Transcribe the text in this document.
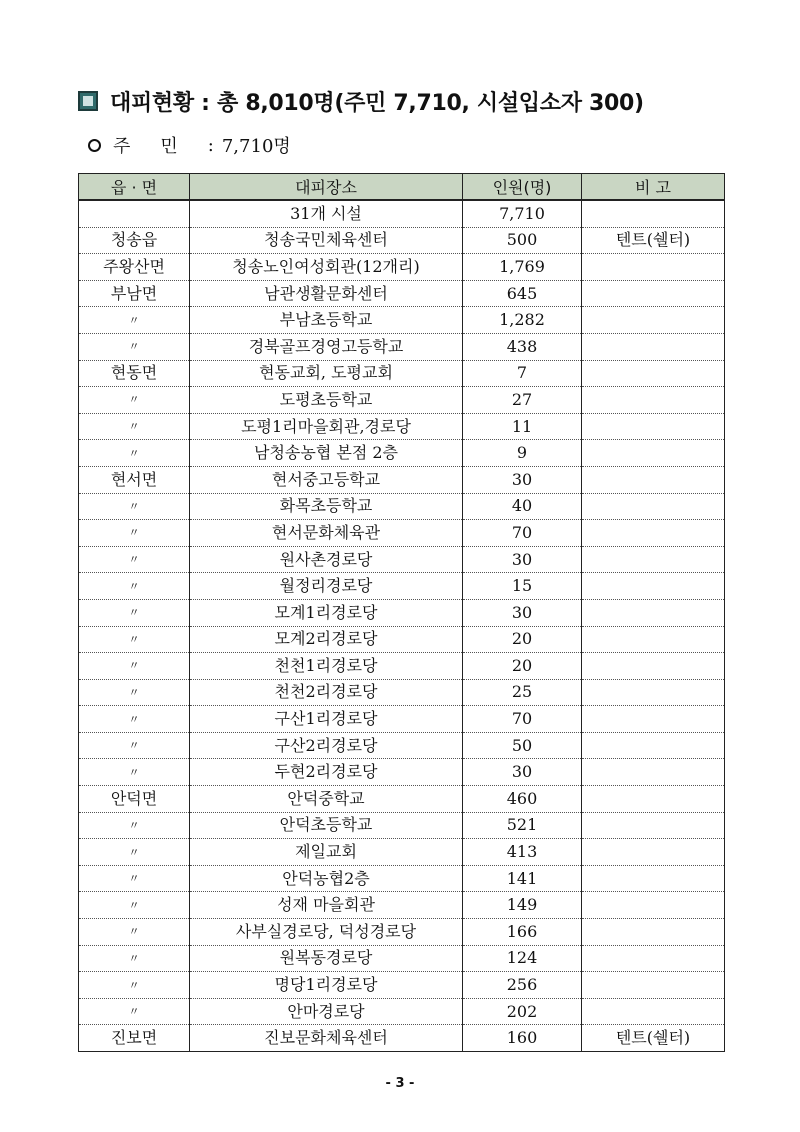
대피현황 : 총 8,010명(주민 7,710, 시설입소자 300)
주민 : 7,710명
읍 · 면	대피장소	인원(명)	비 고
	31개 시설	7,710	
청송읍	청송국민체육센터	500	텐트(쉘터)
주왕산면	청송노인여성회관(12개리)	1,769	
부남면	남관생활문화센터	645	
〃	부남초등학교	1,282	
〃	경북골프경영고등학교	438	
현동면	현동교회, 도평교회	7	
〃	도평초등학교	27	
〃	도평1리마을회관,경로당	11	
〃	남청송농협 본점 2층	9	
현서면	현서중고등학교	30	
〃	화목초등학교	40	
〃	현서문화체육관	70	
〃	원사촌경로당	30	
〃	월정리경로당	15	
〃	모계1리경로당	30	
〃	모계2리경로당	20	
〃	천천1리경로당	20	
〃	천천2리경로당	25	
〃	구산1리경로당	70	
〃	구산2리경로당	50	
〃	두현2리경로당	30	
안덕면	안덕중학교	460	
〃	안덕초등학교	521	
〃	제일교회	413	
〃	안덕농협2층	141	
〃	성재 마을회관	149	
〃	사부실경로당, 덕성경로당	166	
〃	원복동경로당	124	
〃	명당1리경로당	256	
〃	안마경로당	202	
진보면	진보문화체육센터	160	텐트(쉘터)
- 3 -
